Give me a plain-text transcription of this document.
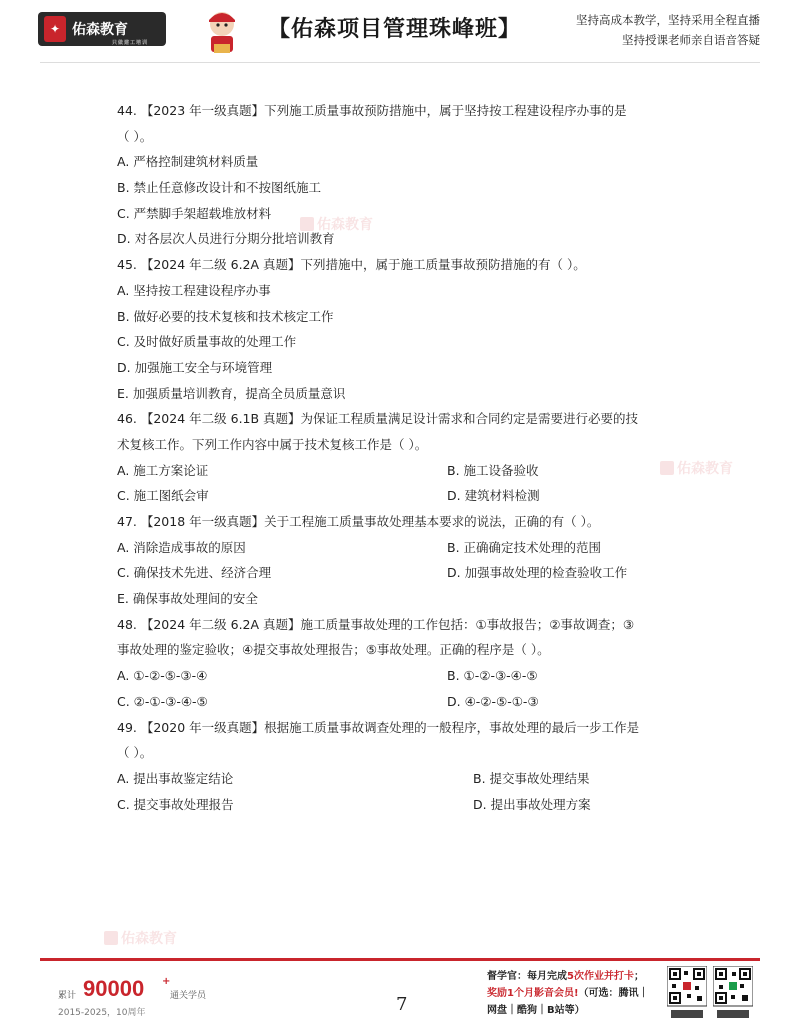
✦ 佑森教育
只做建工培训
【佑森项目管理珠峰班】	坚持高成本教学，坚持采用全程直播
坚持授课老师亲自语音答疑
佑森教育
佑森教育
佑森教育
44. 【2023 年一级真题】下列施工质量事故预防措施中，属于坚持按工程建设程序办事的是
（ ）。
A. 严格控制建筑材料质量
B. 禁止任意修改设计和不按图纸施工
C. 严禁脚手架超载堆放材料
D. 对各层次人员进行分期分批培训教育
45. 【2024 年二级 6.2A 真题】下列措施中，属于施工质量事故预防措施的有（ ）。
A. 坚持按工程建设程序办事
B. 做好必要的技术复核和技术核定工作
C. 及时做好质量事故的处理工作
D. 加强施工安全与环境管理
E. 加强质量培训教育，提高全员质量意识
46. 【2024 年二级 6.1B 真题】为保证工程质量满足设计需求和合同约定是需要进行必要的技
术复核工作。下列工作内容中属于技术复核工作是（ ）。
A. 施工方案论证	B. 施工设备验收
C. 施工图纸会审	D. 建筑材料检测
47. 【2018 年一级真题】关于工程施工质量事故处理基本要求的说法，正确的有（ ）。
A. 消除造成事故的原因	B. 正确确定技术处理的范围
C. 确保技术先进、经济合理	D. 加强事故处理的检查验收工作
E. 确保事故处理间的安全
48. 【2024 年二级 6.2A 真题】施工质量事故处理的工作包括：①事故报告；②事故调查；③
事故处理的鉴定验收；④提交事故处理报告；⑤事故处理。正确的程序是（ ）。
A. ①-②-⑤-③-④	B. ①-②-③-④-⑤
C. ②-①-③-④-⑤	D. ④-②-⑤-①-③
49. 【2020 年一级真题】根据施工质量事故调查处理的一般程序，事故处理的最后一步工作是
（ ）。
A. 提出事故鉴定结论	B. 提交事故处理结果
C. 提交事故处理报告	D. 提出事故处理方案
累计 90000 +
通关学员
2015-2025，10周年	7
督学官：每月完成5次作业并打卡；
奖励1个月影音会员!（可选：腾讯｜
网盘｜酷狗｜B站等）
